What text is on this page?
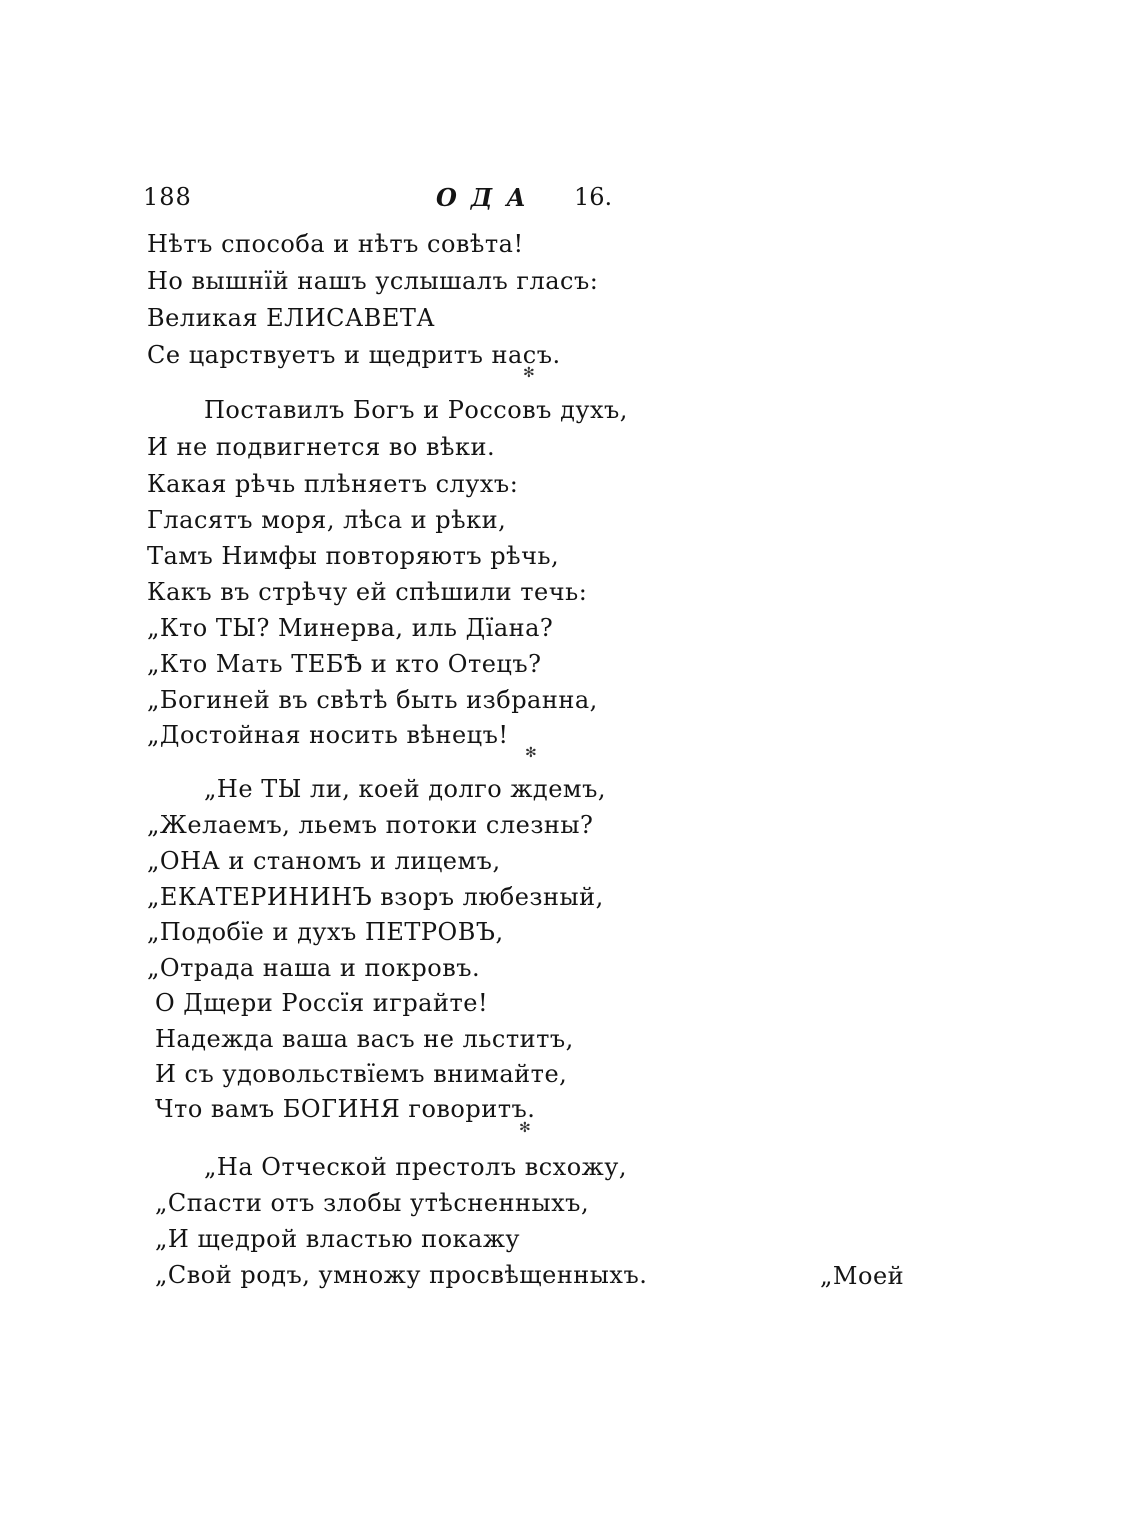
188	ОДА 16.
Нѣтъ способа и нѣтъ совѣта!
Но вышнїй нашъ услышалъ гласъ:
Великая ЕЛИСАВЕТА
Се царствуетъ и щедритъ насъ.
✻
Поставилъ Богъ и Россовъ духъ,
И не подвигнется во вѣки.
Какая рѣчь плѣняетъ слухъ:
Гласятъ моря, лѣса и рѣки,
Тамъ Нимфы повторяютъ рѣчь,
Какъ въ стрѣчу ей спѣшили течь:
„Кто ТЫ? Минерва, иль Дїана?
„Кто Мать ТЕБѢ и кто Отецъ?
„Богиней въ свѣтѣ быть избранна,
„Достойная носить вѣнецъ!
✻
„Не ТЫ ли, коей долго ждемъ,
„Желаемъ, льемъ потоки слезны?
„ОНА и станомъ и лицемъ,
„ЕКАТЕРИНИНЪ взоръ любезный,
„Подобїе и духъ ПЕТРОВЪ,
„Отрада наша и покровъ.
О Дщери Россїя играйте!
Надежда ваша васъ не льститъ,
И съ удовольствїемъ внимайте,
Что вамъ БОГИНЯ говоритъ.
✻
„На Отческой престолъ всхожу,
„Спасти отъ злобы утѣсненныхъ,
„И щедрой властью покажу
„Свой родъ, умножу просвѣщенныхъ.	„Моей
